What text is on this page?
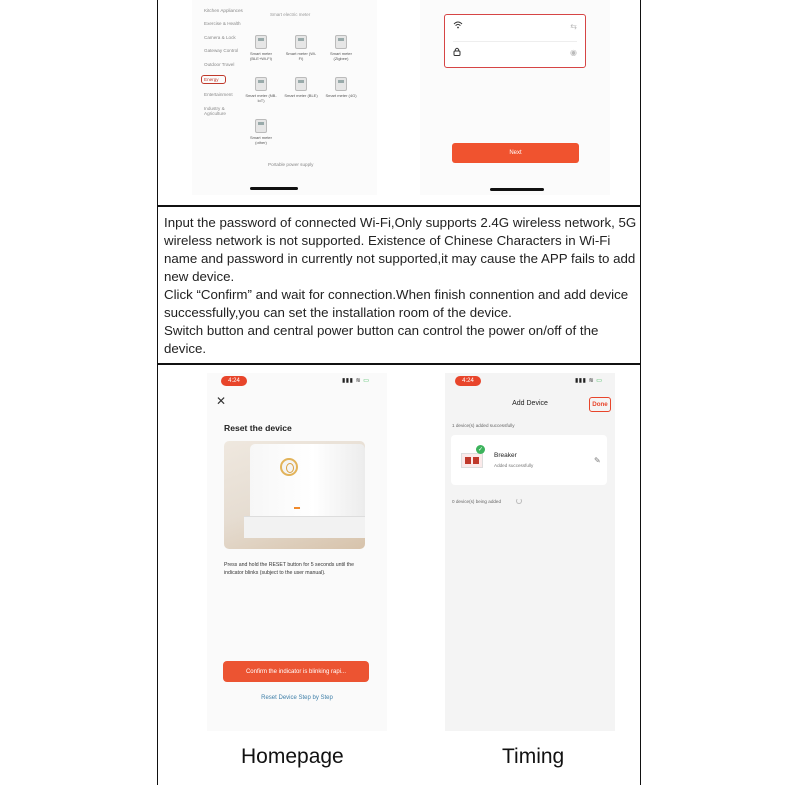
Smart electric meter
Kitchen Appliances
Exercise & Health
Camera & Lock
Gateway Control
Outdoor Travel
Energy
Entertainment
Industry & Agriculture
Smart meter (BLE+Wi-Fi)
Smart meter (Wi-Fi)
Smart meter (Zigbee)
Smart meter (NB-IoT)
Smart meter (BLE)	Smart meter (4G)
Smart meter (other)
Portable power supply
⇆
◉
Next

Input the password of connected Wi-Fi,Only supports 2.4G wireless network, 5G wireless network is not supported. Existence of Chinese Characters in Wi-Fi name and password in currently not supported,it may cause the APP fails to add new device.

Click “Confirm” and wait for connection.When finish connention and add device successfully,you can set the installation room of the device.

Switch button and central power button can control the power on/off of the device.

4:24	▮▮▮ ≋ ▭
✕
Reset the device
Press and hold the RESET button for 5 seconds until the indicator blinks (subject to the user manual).
Confirm the indicator is blinking rapi...
Reset Device Step by Step
4:24	▮▮▮ ≋ ▭
Add Device	Done
1 device(s) added successfully
✓
Breaker
Added successfully
✎
0 device(s) being added
Homepage	Timing
